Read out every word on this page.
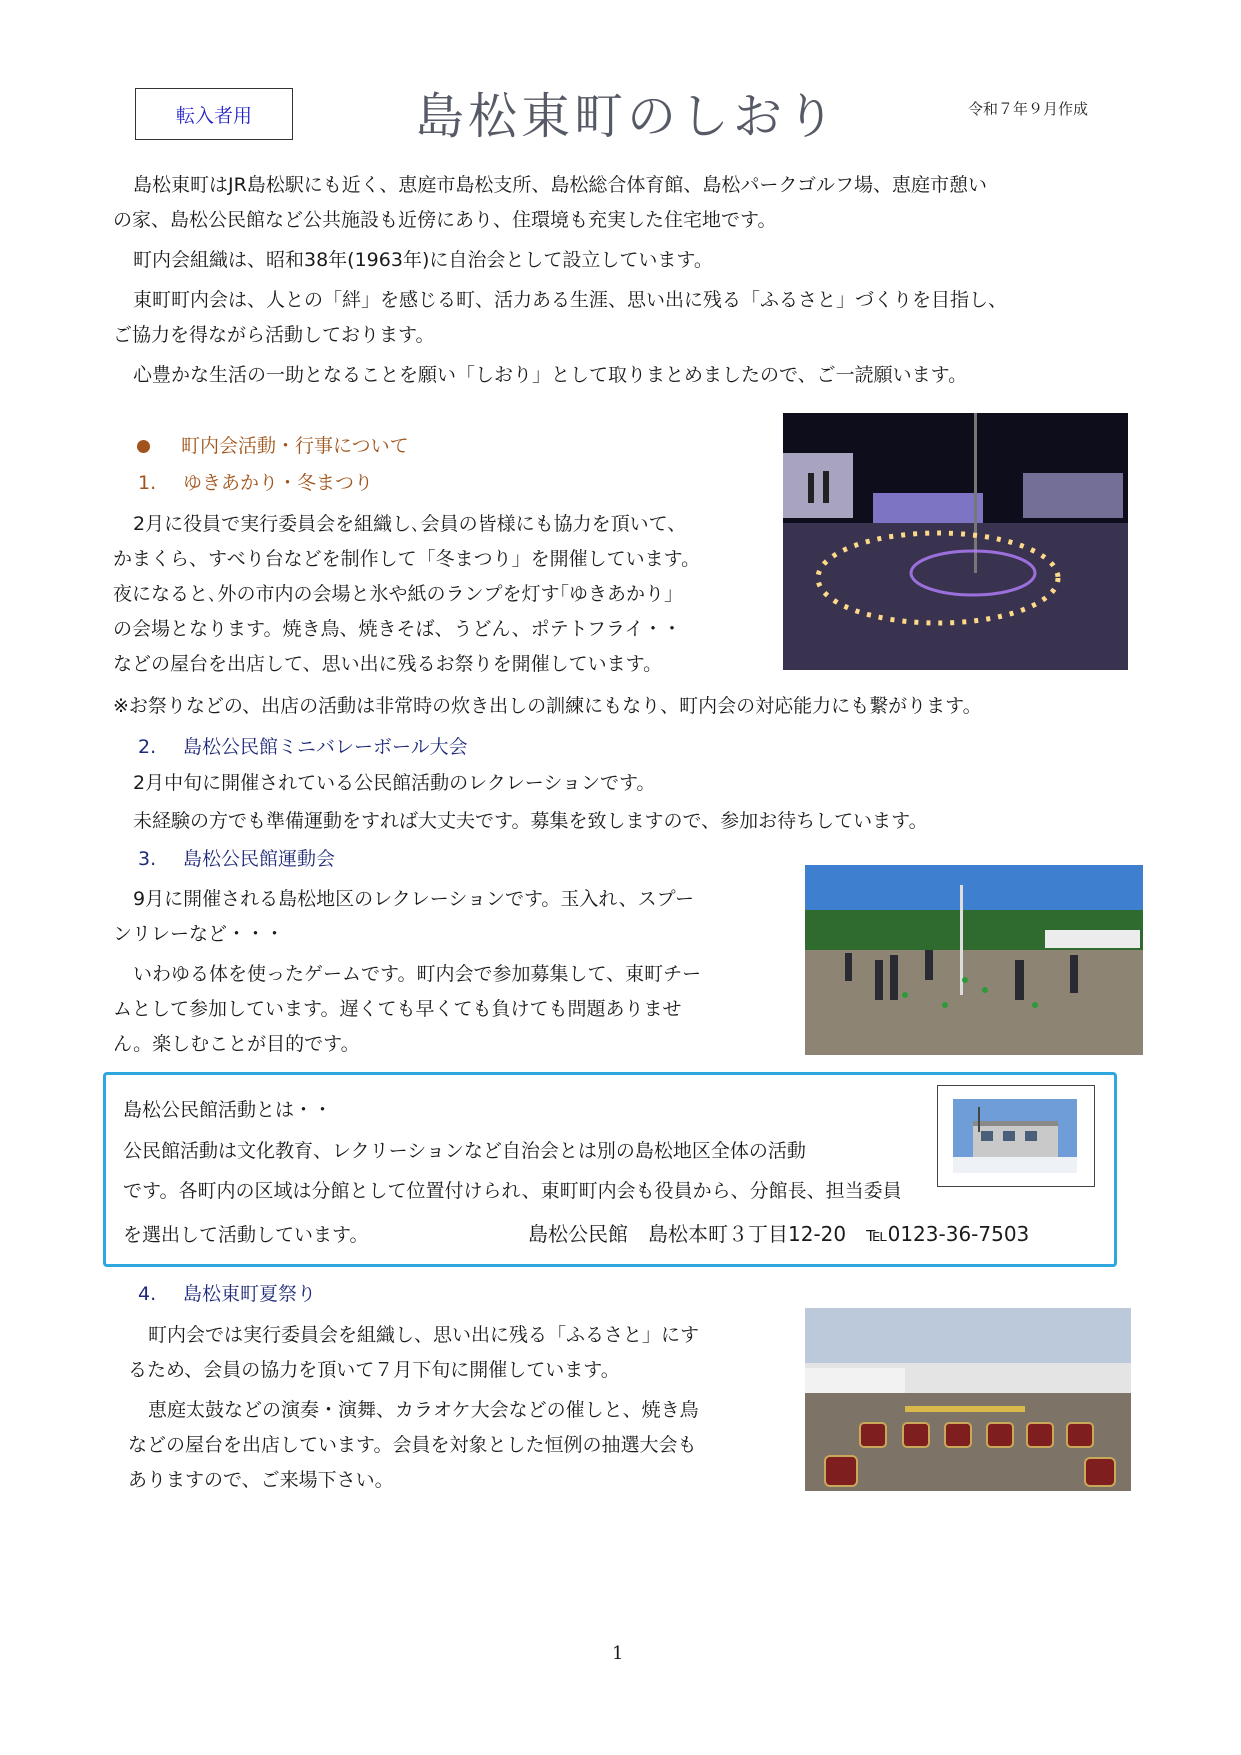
転入者用	島松東町のしおり	令和７年９月作成
島松東町はJR島松駅にも近く、恵庭市島松支所、島松総合体育館、島松パークゴルフ場、恵庭市憩い
の家、島松公民館など公共施設も近傍にあり、住環境も充実した住宅地です。
町内会組織は、昭和38年(1963年)に自治会として設立しています。
東町町内会は、人との「絆」を感じる町、活力ある生涯、思い出に残る「ふるさと」づくりを目指し、
ご協力を得ながら活動しております。
心豊かな生活の一助となることを願い「しおり」として取りまとめましたので、ご一読願います。
町内会活動・行事について
1. ゆきあかり・冬まつり
2月に役員で実行委員会を組織し､会員の皆様にも協力を頂いて、
かまくら、すべり台などを制作して「冬まつり」を開催しています。
夜になると､外の市内の会場と氷や紙のランプを灯す｢ゆきあかり｣
の会場となります。焼き鳥、焼きそば、うどん、ポテトフライ・・
などの屋台を出店して、思い出に残るお祭りを開催しています。
※お祭りなどの、出店の活動は非常時の炊き出しの訓練にもなり、町内会の対応能力にも繋がります。
2. 島松公民館ミニバレーボール大会
2月中旬に開催されている公民館活動のレクレーションです。
未経験の方でも準備運動をすれば大丈夫です。募集を致しますので、参加お待ちしています。
3. 島松公民館運動会
9月に開催される島松地区のレクレーションです。玉入れ、スプー
ンリレーなど・・・
いわゆる体を使ったゲームです。町内会で参加募集して、東町チー
ムとして参加しています。遅くても早くても負けても問題ありませ
ん。楽しむことが目的です。
島松公民館活動とは・・
公民館活動は文化教育、レクリーションなど自治会とは別の島松地区全体の活動
です。各町内の区域は分館として位置付けられ、東町町内会も役員から、分館長、担当委員
を選出して活動しています。	島松公民館　島松本町３丁目12-20　℡0123-36-7503
4. 島松東町夏祭り
町内会では実行委員会を組織し、思い出に残る「ふるさと」にす
るため、会員の協力を頂いて７月下旬に開催しています。
恵庭太鼓などの演奏・演舞、カラオケ大会などの催しと、焼き鳥
などの屋台を出店しています。会員を対象とした恒例の抽選大会も
ありますので、ご来場下さい。
1
